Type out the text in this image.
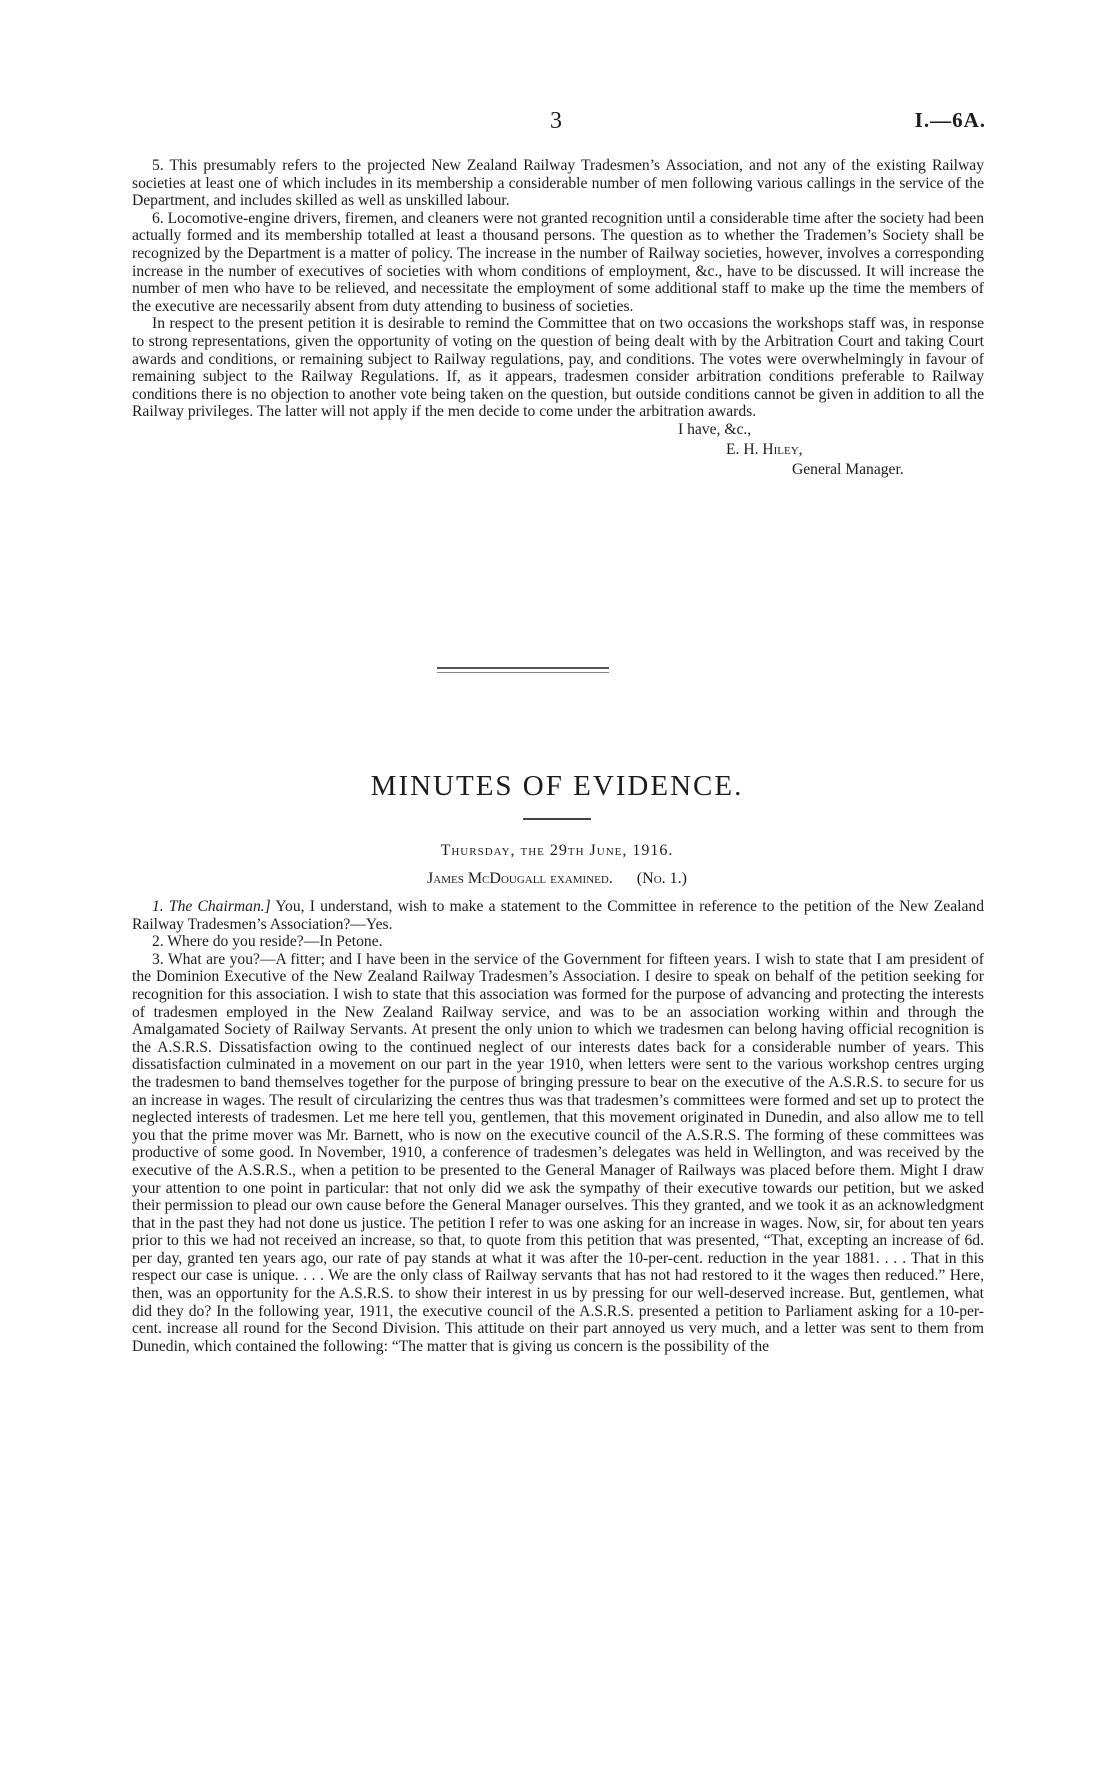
3	I.—6A.

5. This presumably refers to the projected New Zealand Railway Tradesmen’s Association, and not any of the existing Railway societies at least one of which includes in its membership a considerable number of men following various callings in the service of the Department, and includes skilled as well as unskilled labour.

6. Locomotive-engine drivers, firemen, and cleaners were not granted recognition until a considerable time after the society had been actually formed and its membership totalled at least a thousand persons. The question as to whether the Trademen’s Society shall be recognized by the Department is a matter of policy. The increase in the number of Railway societies, however, involves a corresponding increase in the number of executives of societies with whom conditions of employment, &c., have to be discussed. It will increase the number of men who have to be relieved, and necessitate the employment of some additional staff to make up the time the members of the executive are necessarily absent from duty attending to business of societies.

In respect to the present petition it is desirable to remind the Committee that on two occasions the workshops staff was, in response to strong representations, given the opportunity of voting on the question of being dealt with by the Arbitration Court and taking Court awards and conditions, or remaining subject to Railway regulations, pay, and conditions. The votes were overwhelmingly in favour of remaining subject to the Railway Regulations. If, as it appears, tradesmen consider arbitration conditions preferable to Railway conditions there is no objection to another vote being taken on the question, but outside conditions cannot be given in addition to all the Railway privileges. The latter will not apply if the men decide to come under the arbitration awards.

I have, &c.,
E. H. Hiley,
General Manager.
MINUTES OF EVIDENCE.
Thursday, the 29th June, 1916.
James McDougall examined.      (No. 1.)

1. The Chairman.] You, I understand, wish to make a statement to the Committee in reference to the petition of the New Zealand Railway Tradesmen’s Association?—Yes.

2. Where do you reside?—In Petone.

3. What are you?—A fitter; and I have been in the service of the Government for fifteen years. I wish to state that I am president of the Dominion Executive of the New Zealand Railway Tradesmen’s Association. I desire to speak on behalf of the petition seeking for recognition for this association. I wish to state that this association was formed for the purpose of advancing and protecting the interests of tradesmen employed in the New Zealand Railway service, and was to be an association working within and through the Amalgamated Society of Railway Servants. At present the only union to which we tradesmen can belong having official recognition is the A.S.R.S. Dissatisfaction owing to the continued neglect of our interests dates back for a considerable number of years. This dissatisfaction culminated in a movement on our part in the year 1910, when letters were sent to the various workshop centres urging the tradesmen to band themselves together for the purpose of bringing pressure to bear on the executive of the A.S.R.S. to secure for us an increase in wages. The result of circularizing the centres thus was that tradesmen’s committees were formed and set up to protect the neglected interests of tradesmen. Let me here tell you, gentlemen, that this movement originated in Dunedin, and also allow me to tell you that the prime mover was Mr. Barnett, who is now on the executive council of the A.S.R.S. The forming of these committees was productive of some good. In November, 1910, a conference of tradesmen’s delegates was held in Wellington, and was received by the executive of the A.S.R.S., when a petition to be presented to the General Manager of Railways was placed before them. Might I draw your attention to one point in particular: that not only did we ask the sympathy of their executive towards our petition, but we asked their permission to plead our own cause before the General Manager ourselves. This they granted, and we took it as an acknowledgment that in the past they had not done us justice. The petition I refer to was one asking for an increase in wages. Now, sir, for about ten years prior to this we had not received an increase, so that, to quote from this petition that was presented, “That, excepting an increase of 6d. per day, granted ten years ago, our rate of pay stands at what it was after the 10-per-cent. reduction in the year 1881. . . . That in this respect our case is unique. . . . We are the only class of Railway servants that has not had restored to it the wages then reduced.” Here, then, was an opportunity for the A.S.R.S. to show their interest in us by pressing for our well-deserved increase. But, gentlemen, what did they do? In the following year, 1911, the executive council of the A.S.R.S. presented a petition to Parliament asking for a 10-per-cent. increase all round for the Second Division. This attitude on their part annoyed us very much, and a letter was sent to them from Dunedin, which contained the following: “The matter that is giving us concern is the possibility of the
